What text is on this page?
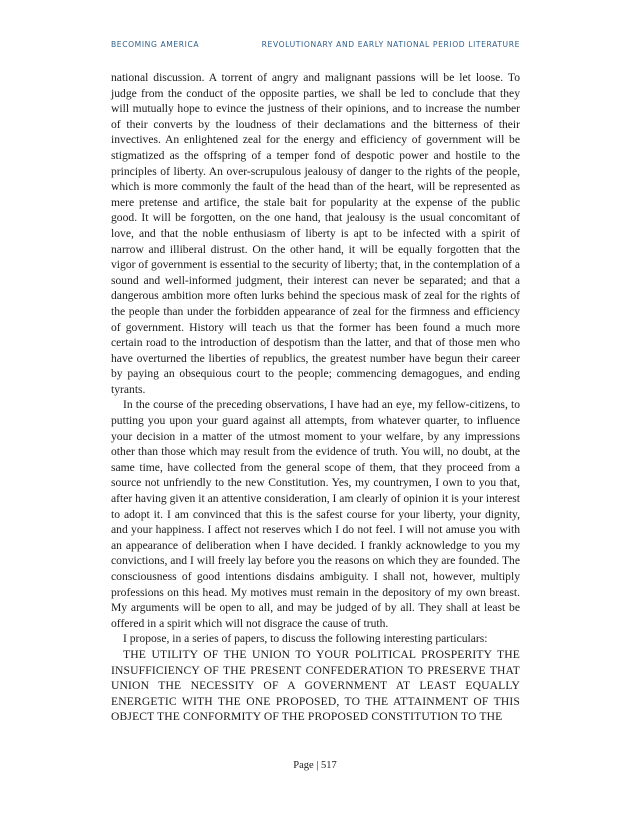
BECOMING AMERICA	REVOLUTIONARY AND EARLY NATIONAL PERIOD LITERATURE

national discussion. A torrent of angry and malignant passions will be let loose. To judge from the conduct of the opposite parties, we shall be led to conclude that they will mutually hope to evince the justness of their opinions, and to increase the number of their converts by the loudness of their declamations and the bitterness of their invectives. An enlightened zeal for the energy and efficiency of government will be stigmatized as the offspring of a temper fond of despotic power and hostile to the principles of liberty. An over-scrupulous jealousy of danger to the rights of the people, which is more commonly the fault of the head than of the heart, will be represented as mere pretense and artifice, the stale bait for popularity at the expense of the public good. It will be forgotten, on the one hand, that jealousy is the usual concomitant of love, and that the noble enthusiasm of liberty is apt to be infected with a spirit of narrow and illiberal distrust. On the other hand, it will be equally forgotten that the vigor of government is essential to the security of liberty; that, in the contemplation of a sound and well-informed judgment, their interest can never be separated; and that a dangerous ambition more often lurks behind the specious mask of zeal for the rights of the people than under the forbidden appearance of zeal for the firmness and efficiency of government. History will teach us that the former has been found a much more certain road to the introduction of despotism than the latter, and that of those men who have overturned the liberties of republics, the greatest number have begun their career by paying an obsequious court to the people; commencing demagogues, and ending tyrants.

In the course of the preceding observations, I have had an eye, my fellow-citizens, to putting you upon your guard against all attempts, from whatever quarter, to influence your decision in a matter of the utmost moment to your welfare, by any impressions other than those which may result from the evidence of truth. You will, no doubt, at the same time, have collected from the general scope of them, that they proceed from a source not unfriendly to the new Constitution. Yes, my countrymen, I own to you that, after having given it an attentive consideration, I am clearly of opinion it is your interest to adopt it. I am convinced that this is the safest course for your liberty, your dignity, and your happiness. I affect not reserves which I do not feel. I will not amuse you with an appearance of deliberation when I have decided. I frankly acknowledge to you my convictions, and I will freely lay before you the reasons on which they are founded. The consciousness of good intentions disdains ambiguity. I shall not, however, multiply professions on this head. My motives must remain in the depository of my own breast. My arguments will be open to all, and may be judged of by all. They shall at least be offered in a spirit which will not disgrace the cause of truth.

I propose, in a series of papers, to discuss the following interesting particulars:

THE UTILITY OF THE UNION TO YOUR POLITICAL PROSPERITY THE INSUFFICIENCY OF THE PRESENT CONFEDERATION TO PRESERVE THAT UNION THE NECESSITY OF A GOVERNMENT AT LEAST EQUALLY ENERGETIC WITH THE ONE PROPOSED, TO THE ATTAINMENT OF THIS OBJECT THE CONFORMITY OF THE PROPOSED CONSTITUTION TO THE

Page | 517
